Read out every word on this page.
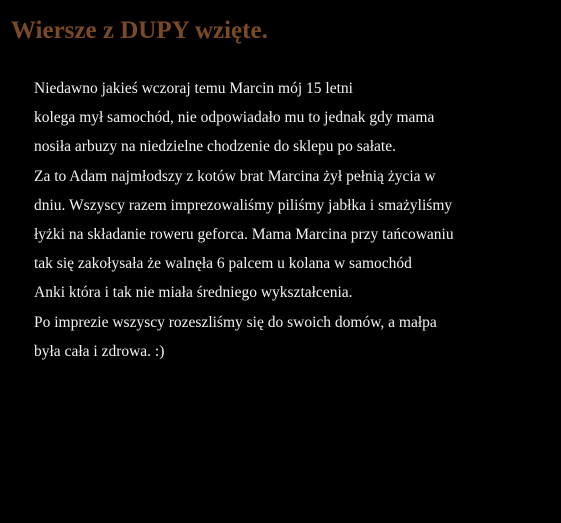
Wiersze z DUPY wzięte.
Niedawno jakieś wczoraj temu Marcin mój 15 letni
kolega mył samochód, nie odpowiadało mu to jednak gdy mama
nosiła arbuzy na niedzielne chodzenie do sklepu po sałate.
Za to Adam najmłodszy z kotów brat Marcina żył pełnią życia w
dniu. Wszyscy razem imprezowaliśmy piliśmy jabłka i smażyliśmy
łyżki na składanie roweru geforca. Mama Marcina przy tańcowaniu
tak się zakołysała że walnęła 6 palcem u kolana w samochód
Anki która i tak nie miała średniego wykształcenia.
Po imprezie wszyscy rozeszliśmy się do swoich domów, a małpa
była cała i zdrowa. :)
